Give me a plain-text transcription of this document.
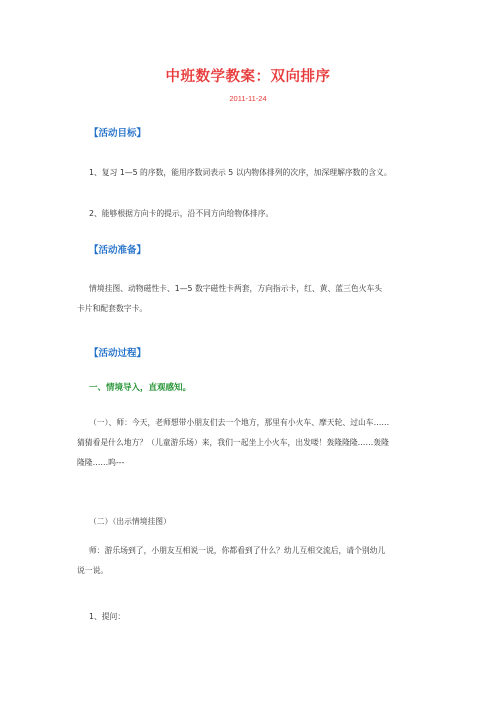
中班数学教案：双向排序
2011-11-24
【活动目标】
1、复习 1—5 的序数，能用序数词表示 5 以内物体排列的次序，加深理解序数的含义。
2、能够根据方向卡的提示，沿不同方向给物体排序。
【活动准备】
情境挂图、动物磁性卡、1—5 数字磁性卡两套，方向指示卡，红、黄、蓝三色火车头
卡片和配套数字卡。
【活动过程】
一、情境导入，直观感知。
（一）、师：今天，老师想带小朋友们去一个地方，那里有小火车、摩天轮、过山车……
猜猜看是什么地方？（儿童游乐场）来，我们一起坐上小火车，出发喽！轰隆隆隆……轰隆
隆隆……呜---
（二）（出示情境挂图）
师：游乐场到了，小朋友互相说一说，你都看到了什么？幼儿互相交流后，请个别幼儿
说一说。
1、提问：
